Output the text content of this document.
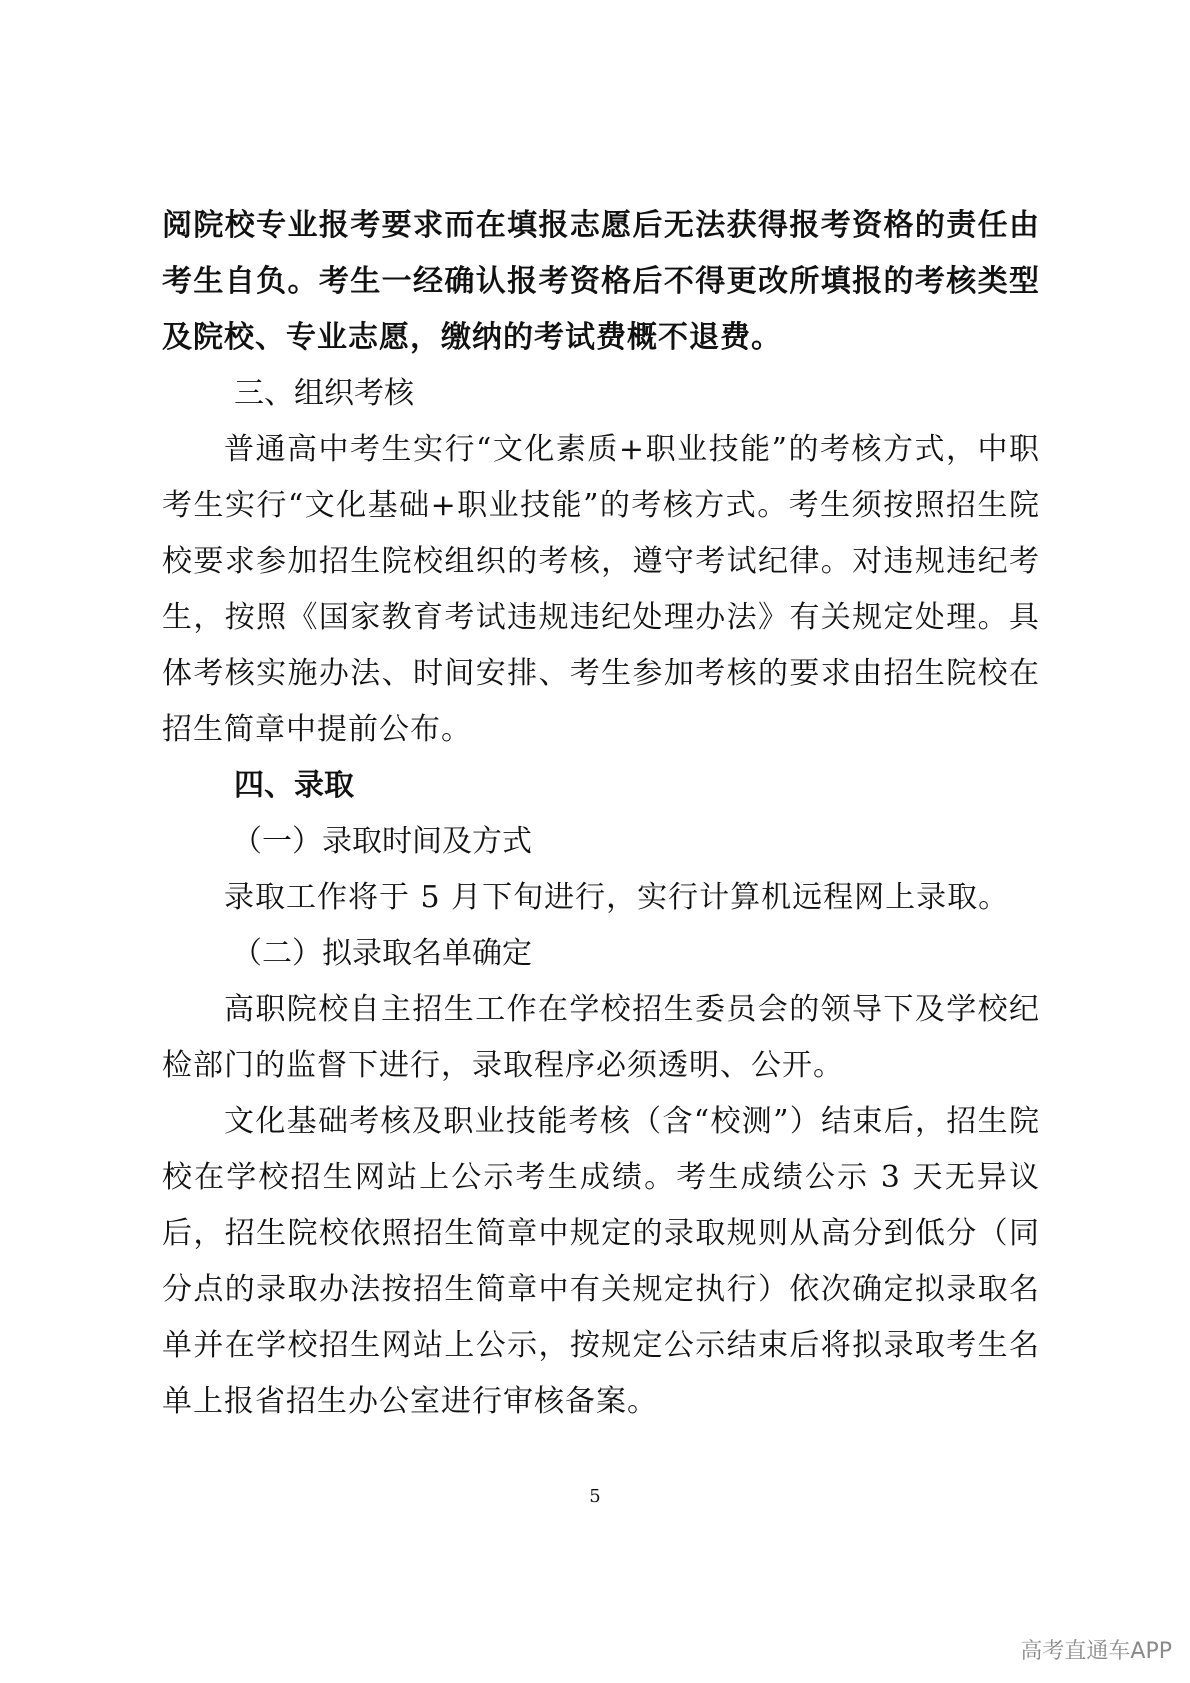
阅院校专业报考要求而在填报志愿后无法获得报考资格的责任由考生自负。考生一经确认报考资格后不得更改所填报的考核类型及院校、专业志愿，缴纳的考试费概不退费。

三、组织考核

普通高中考生实行“文化素质+职业技能”的考核方式，中职考生实行“文化基础+职业技能”的考核方式。考生须按照招生院校要求参加招生院校组织的考核，遵守考试纪律。对违规违纪考生，按照《国家教育考试违规违纪处理办法》有关规定处理。具体考核实施办法、时间安排、考生参加考核的要求由招生院校在招生简章中提前公布。

四、录取

（一）录取时间及方式

录取工作将于 5 月下旬进行，实行计算机远程网上录取。

（二）拟录取名单确定

高职院校自主招生工作在学校招生委员会的领导下及学校纪检部门的监督下进行，录取程序必须透明、公开。

文化基础考核及职业技能考核（含“校测”）结束后，招生院校在学校招生网站上公示考生成绩。考生成绩公示 3 天无异议后，招生院校依照招生简章中规定的录取规则从高分到低分（同分点的录取办法按招生简章中有关规定执行）依次确定拟录取名单并在学校招生网站上公示，按规定公示结束后将拟录取考生名单上报省招生办公室进行审核备案。

5
高考直通车APP
